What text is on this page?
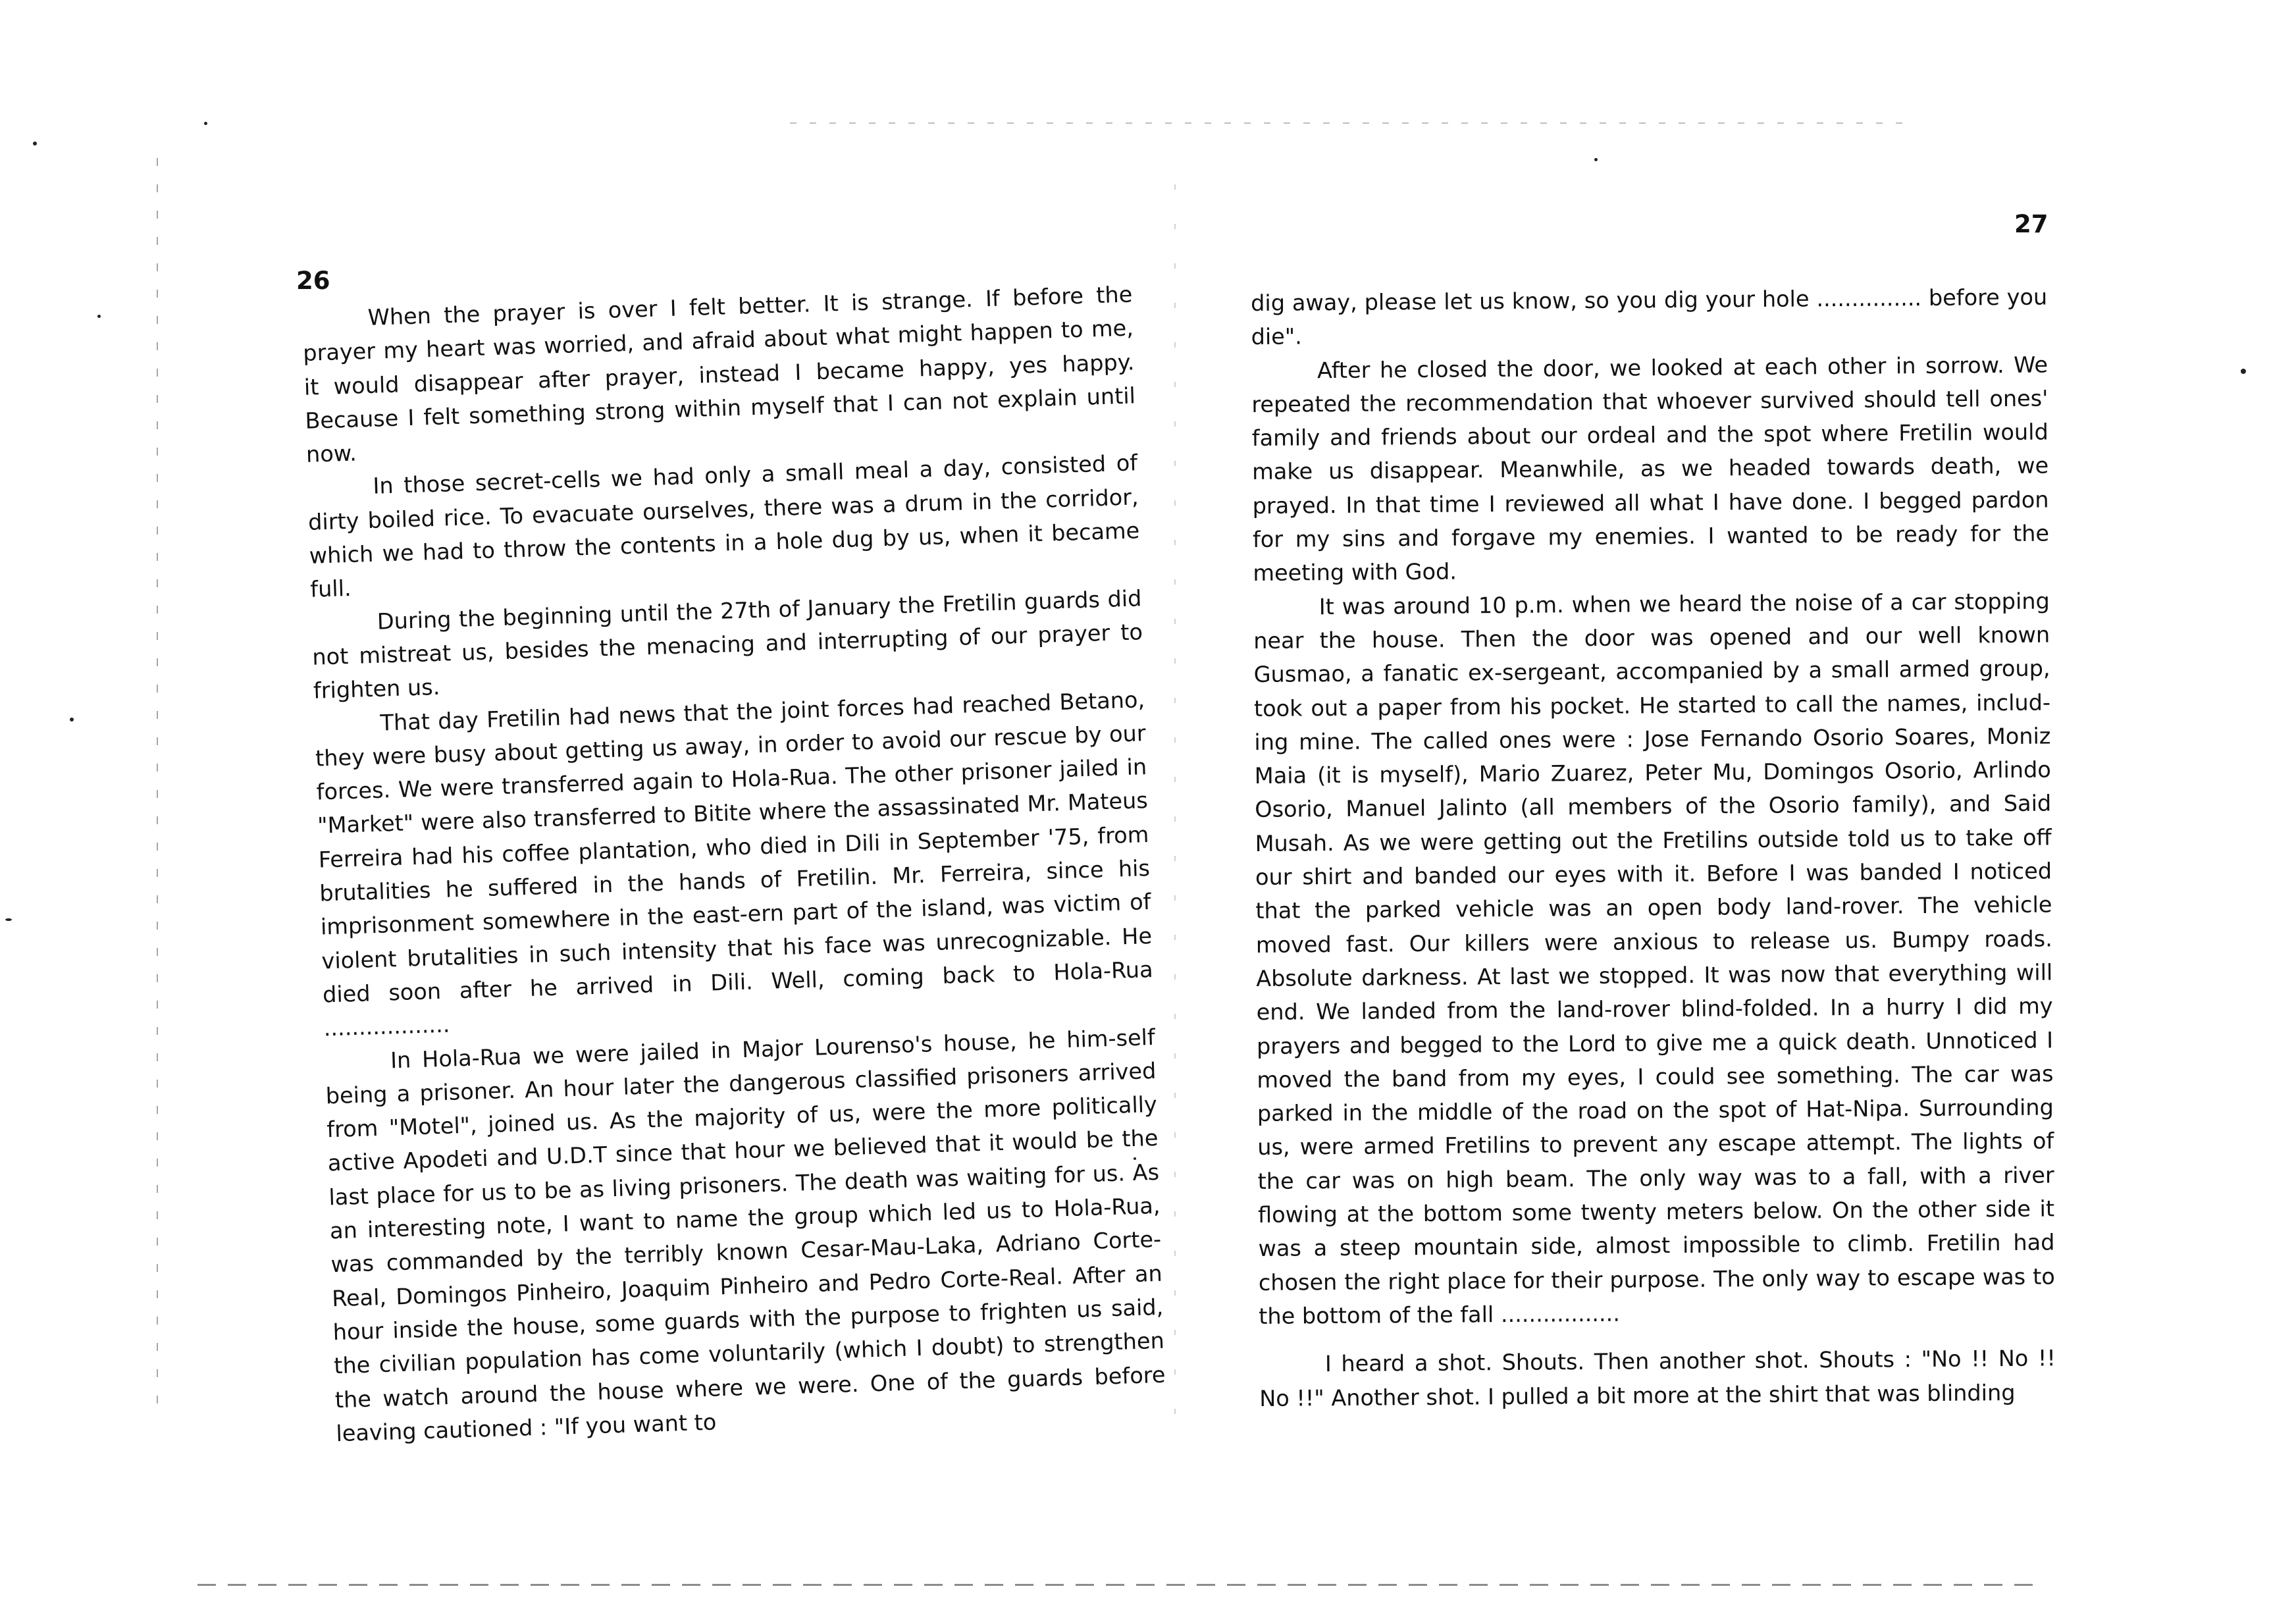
26

When the prayer is over I felt better. It is strange. If before the prayer my heart was worried, and afraid about what might happen to me, it would disappear after prayer, instead I became happy, yes happy. Because I felt something strong within myself that I can not explain until now. In those secret-cells we had only a small meal a day, consisted of dirty boiled rice. To evacuate ourselves, there was a drum in the corridor, which we had to throw the contents in a hole dug by us, when it became full.	During the beginning until the 27th of January the Fretilin guards did not mistreat us, besides the menacing and interrupting of our prayer to frighten us.

That day Fretilin had news that the joint forces had reached Betano, they were busy about getting us away, in order to avoid our rescue by our forces. We were transferred again to Hola-Rua. The other prisoner jailed in "Market" were also transferred to Bitite where the assassinated Mr. Mateus Ferreira had his coffee plantation, who died in Dili in September '75, from brutalities he suffered in the hands of Fretilin. Mr. Ferreira, since his imprisonment somewhere in the east-ern part of the island, was victim of violent brutalities in such intensity that his face was unrecognizable. He died soon after he arrived in Dili. Well, coming back to Hola-Rua ..................

In Hola-Rua we were jailed in Major Lourenso's house, he him-self being a prisoner. An hour later the dangerous classified prisoners arrived from "Motel", joined us. As the majority of us, were the more politically active Apodeti and U.D.T since that hour we believed that it would be the last place for us to be as living prisoners. The death was waiting for us. As an interesting note, I want to name the group which led us to Hola-Rua, was commanded by the terribly known Cesar-Mau-Laka, Adriano Corte-Real, Domingos Pinheiro, Joaquim Pinheiro and Pedro Corte-Real. After an hour inside the house, some guards with the purpose to frighten us said, the civilian population has come voluntarily (which I doubt) to strengthen the watch around the house where we were. One of the guards before leaving cautioned : "If you want to

27

dig away, please let us know, so you dig your hole ............... before you die".

After he closed the door, we looked at each other in sorrow. We repeated the recommendation that whoever survived should tell ones' family and friends about our ordeal and the spot where Fretilin would make us disappear. Meanwhile, as we headed towards death, we prayed. In that time I reviewed all what I have done. I begged pardon for my sins and forgave my enemies. I wanted to be ready for the meeting with God.

It was around 10 p.m. when we heard the noise of a car stopping near the house. Then the door was opened and our well known Gusmao, a fanatic ex-sergeant, accompanied by a small armed group, took out a paper from his pocket. He started to call the names, includ-ing mine. The called ones were : Jose Fernando Osorio Soares, Moniz Maia (it is myself), Mario Zuarez, Peter Mu, Domingos Osorio, Arlindo Osorio, Manuel Jalinto (all members of the Osorio family), and Said Musah. As we were getting out the Fretilins outside told us to take off our shirt and banded our eyes with it. Before I was banded I noticed that the parked vehicle was an open body land-rover. The vehicle moved fast. Our killers were anxious to release us. Bumpy roads. Absolute darkness. At last we stopped. It was now that everything will end. We landed from the land-rover blind-folded. In a hurry I did my prayers and begged to the Lord to give me a quick death. Unnoticed I moved the band from my eyes, I could see something. The car was parked in the middle of the road on the spot of Hat-Nipa. Surrounding us, were armed Fretilins to prevent any escape attempt. The lights of the car was on high beam. The only way was to a fall, with a river flowing at the bottom some twenty meters below. On the other side it was a steep mountain side, almost impossible to climb. Fretilin had chosen the right place for their purpose. The only way to escape was to the bottom of the fall .................

I heard a shot. Shouts. Then another shot. Shouts : "No !! No !! No !!" Another shot. I pulled a bit more at the shirt that was blinding
